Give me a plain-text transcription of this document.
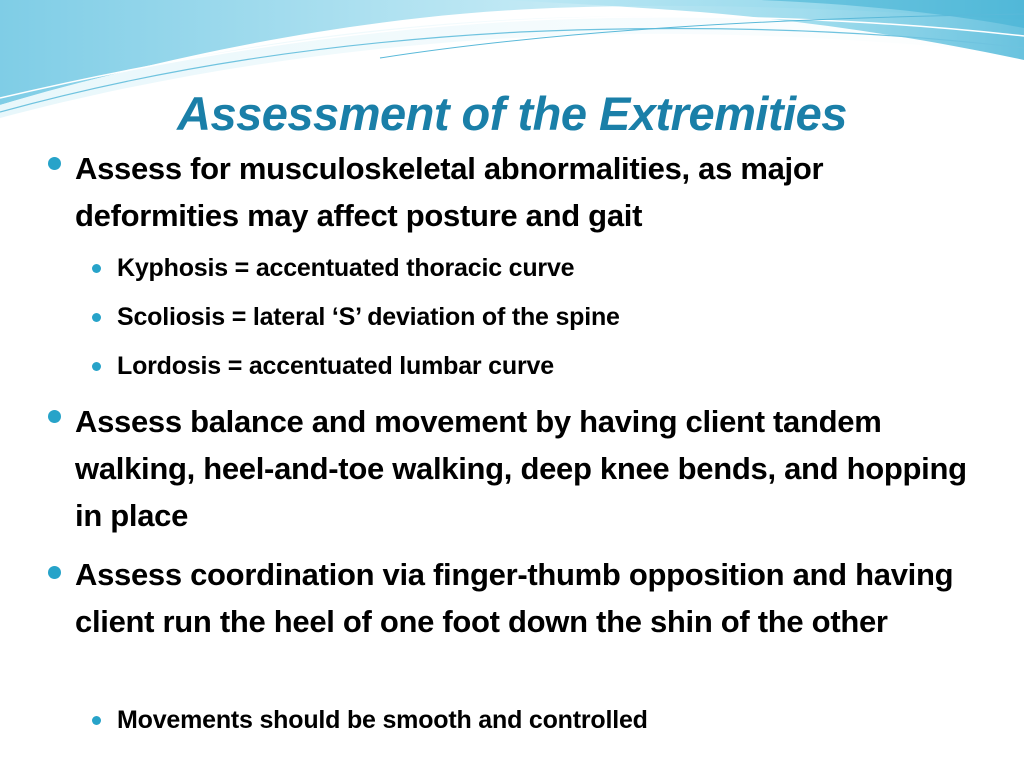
Assessment of the Extremities
Assess for musculoskeletal abnormalities, as major deformities may affect posture and gait
Kyphosis = accentuated thoracic curve
Scoliosis = lateral ‘S’ deviation of the spine
Lordosis = accentuated lumbar curve
Assess balance and movement by having client tandem walking, heel-and-toe walking, deep knee bends, and hopping in place
Assess coordination via finger-thumb opposition and having client run the heel of one foot down the shin of the other
Movements should be smooth and controlled
